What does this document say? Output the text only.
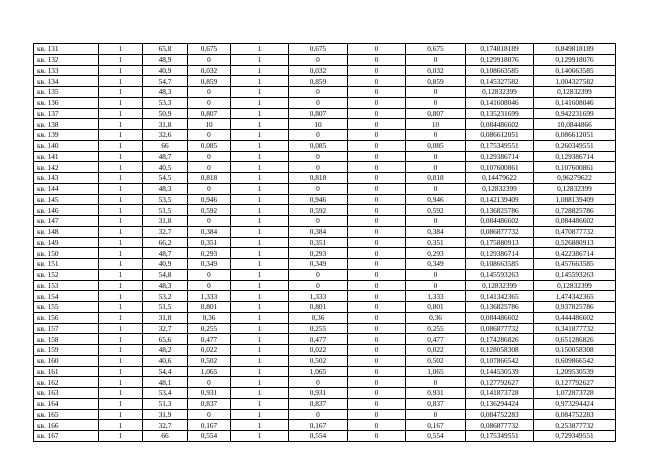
кв. 131	1	65,8	0,675	1	0,675	0	0,675	0,174818189	0,849818189
кв. 132	1	48,9	0	1	0	0	0	0,129918076	0,129918076
кв. 133	1	40,9	0,032	1	0,032	0	0,032	0,108663585	0,140663585
кв. 134	1	54,7	0,859	1	0,859	0	0,859	0,145327582	1,004327582
кв. 135	1	48,3	0	1	0	0	0	0,12832399	0,12832399
кв. 136	1	53,3	0	1	0	0	0	0,141608046	0,141608046
кв. 137	1	50,9	0,807	1	0,807	0	0,807	0,135231699	0,942231699
кв. 138	1	31,8	10	1	10	0	10	0,084486602	10,0844866
кв. 139	1	32,6	0	1	0	0	0	0,086612051	0,086612051
кв. 140	1	66	0,085	1	0,085	0	0,085	0,175349551	0,260349551
кв. 141	1	48,7	0	1	0	0	0	0,129386714	0,129386714
кв. 142	1	40,5	0	1	0	0	0	0,107600861	0,107600861
кв. 143	1	54,5	0,818	1	0,818	0	0,818	0,14479622	0,96279622
кв. 144	1	48,3	0	1	0	0	0	0,12832399	0,12832399
кв. 145	1	53,5	0,946	1	0,946	0	0,946	0,142139409	1,088139409
кв. 146	1	51,5	0,592	1	0,592	0	0,592	0,136825786	0,728825786
кв. 147	1	31,8	0	1	0	0	0	0,084486602	0,084486602
кв. 148	1	32,7	0,384	1	0,384	0	0,384	0,086877732	0,470877732
кв. 149	1	66,2	0,351	1	0,351	0	0,351	0,175880913	0,526880913
кв. 150	1	48,7	0,293	1	0,293	0	0,293	0,129386714	0,422386714
кв. 151	1	40,9	0,349	1	0,349	0	0,349	0,108663585	0,457663585
кв. 152	1	54,8	0	1	0	0	0	0,145593263	0,145593263
кв. 153	1	48,3	0	1	0	0	0	0,12832399	0,12832399
кв. 154	1	53,2	1,333	1	1,333	0	1,333	0,141342365	1,474342365
кв. 155	1	51,5	0,801	1	0,801	0	0,801	0,136825786	0,937825786
кв. 156	1	31,8	0,36	1	0,36	0	0,36	0,084486602	0,444486602
кв. 157	1	32,7	0,255	1	0,255	0	0,255	0,086877732	0,341877732
кв. 158	1	65,6	0,477	1	0,477	0	0,477	0,174286826	0,651286826
кв. 159	1	48,2	0,022	1	0,022	0	0,022	0,128058308	0,150058308
кв. 160	1	40,6	0,502	1	0,502	0	0,502	0,107866542	0,609866542
кв. 161	1	54,4	1,065	1	1,065	0	1,065	0,144530539	1,209530539
кв. 162	1	48,1	0	1	0	0	0	0,127792627	0,127792627
кв. 163	1	53,4	0,931	1	0,931	0	0,931	0,141873728	1,072873728
кв. 164	1	51,3	0,837	1	0,837	0	0,837	0,136294424	0,973294424
кв. 165	1	31,9	0	1	0	0	0	0,084752283	0,084752283
кв. 166	1	32,7	0,167	1	0,167	0	0,167	0,086877732	0,253877732
кв. 167	1	66	0,554	1	0,554	0	0,554	0,175349551	0,729349551
